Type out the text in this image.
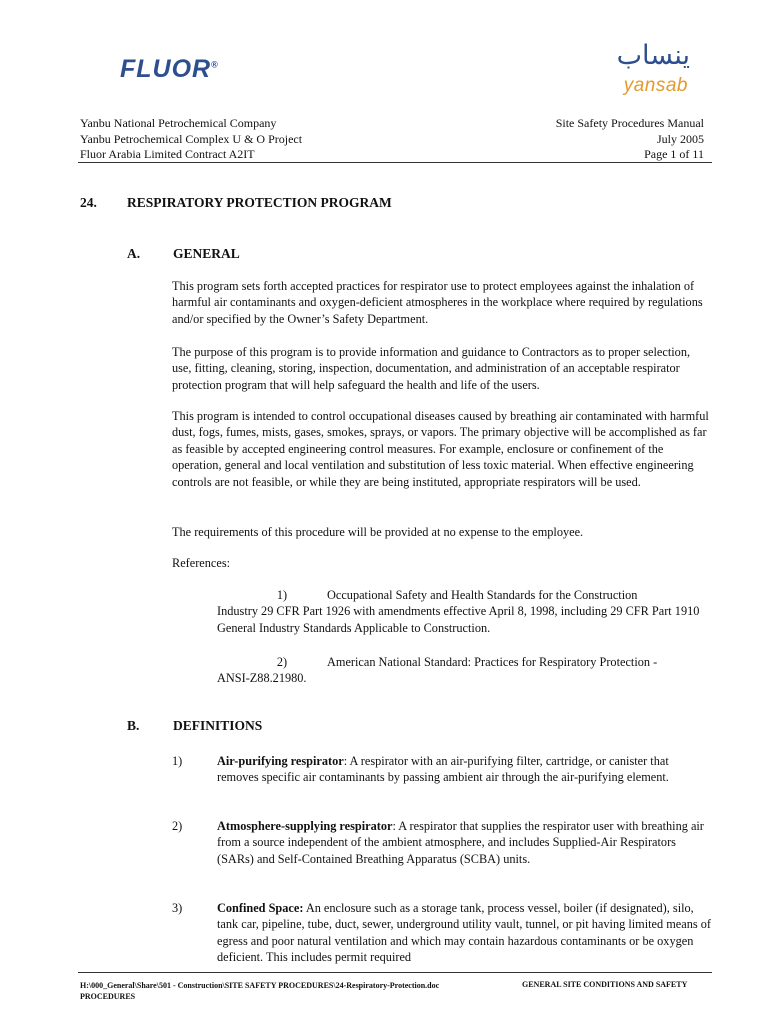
FLUOR®	ينساب
yansab
Yanbu National Petrochemical Company
Yanbu Petrochemical Complex U & O Project
Fluor Arabia Limited Contract A2IT
Site Safety Procedures Manual
July 2005
Page 1 of 11
24. RESPIRATORY PROTECTION PROGRAM
A. GENERAL

This program sets forth accepted practices for respirator use to protect employees against the inhalation of harmful air contaminants and oxygen-deficient atmospheres in the workplace where required by regulations and/or specified by the Owner’s Safety Department.

The purpose of this program is to provide information and guidance to Contractors as to proper selection, use, fitting, cleaning, storing, inspection, documentation, and administration of an acceptable respirator protection program that will help safeguard the health and life of the users.

This program is intended to control occupational diseases caused by breathing air contaminated with harmful dust, fogs, fumes, mists, gases, smokes, sprays, or vapors. The primary objective will be accomplished as far as feasible by accepted engineering control measures. For example, enclosure or confinement of the operation, general and local ventilation and substitution of less toxic material. When effective engineering controls are not feasible, or while they are being instituted, appropriate respirators will be used.

The requirements of this procedure will be provided at no expense to the employee.

References:

1)	Occupational Safety and Health Standards for the Construction
Industry 29 CFR Part 1926 with amendments effective April 8, 1998, including 29 CFR Part 1910 General Industry Standards Applicable to Construction.
2)	American National Standard: Practices for Respiratory Protection -
ANSI-Z88.21980.
B. DEFINITIONS
1)	Air-purifying respirator: A respirator with an air-purifying filter, cartridge, or canister that removes specific air contaminants by passing ambient air through the air-purifying element.
2)	Atmosphere-supplying respirator: A respirator that supplies the respirator user with breathing air from a source independent of the ambient atmosphere, and includes Supplied-Air Respirators (SARs) and Self-Contained Breathing Apparatus (SCBA) units.
3)	Confined Space: An enclosure such as a storage tank, process vessel, boiler (if designated), silo, tank car, pipeline, tube, duct, sewer, underground utility vault, tunnel, or pit having limited means of egress and poor natural ventilation and which may contain hazardous contaminants or be oxygen deficient. This includes permit required
H:\000_General\Share\501 - Construction\SITE SAFETY PROCEDURES\24-Respiratory-Protection.doc
PROCEDURES
GENERAL SITE CONDITIONS AND SAFETY
